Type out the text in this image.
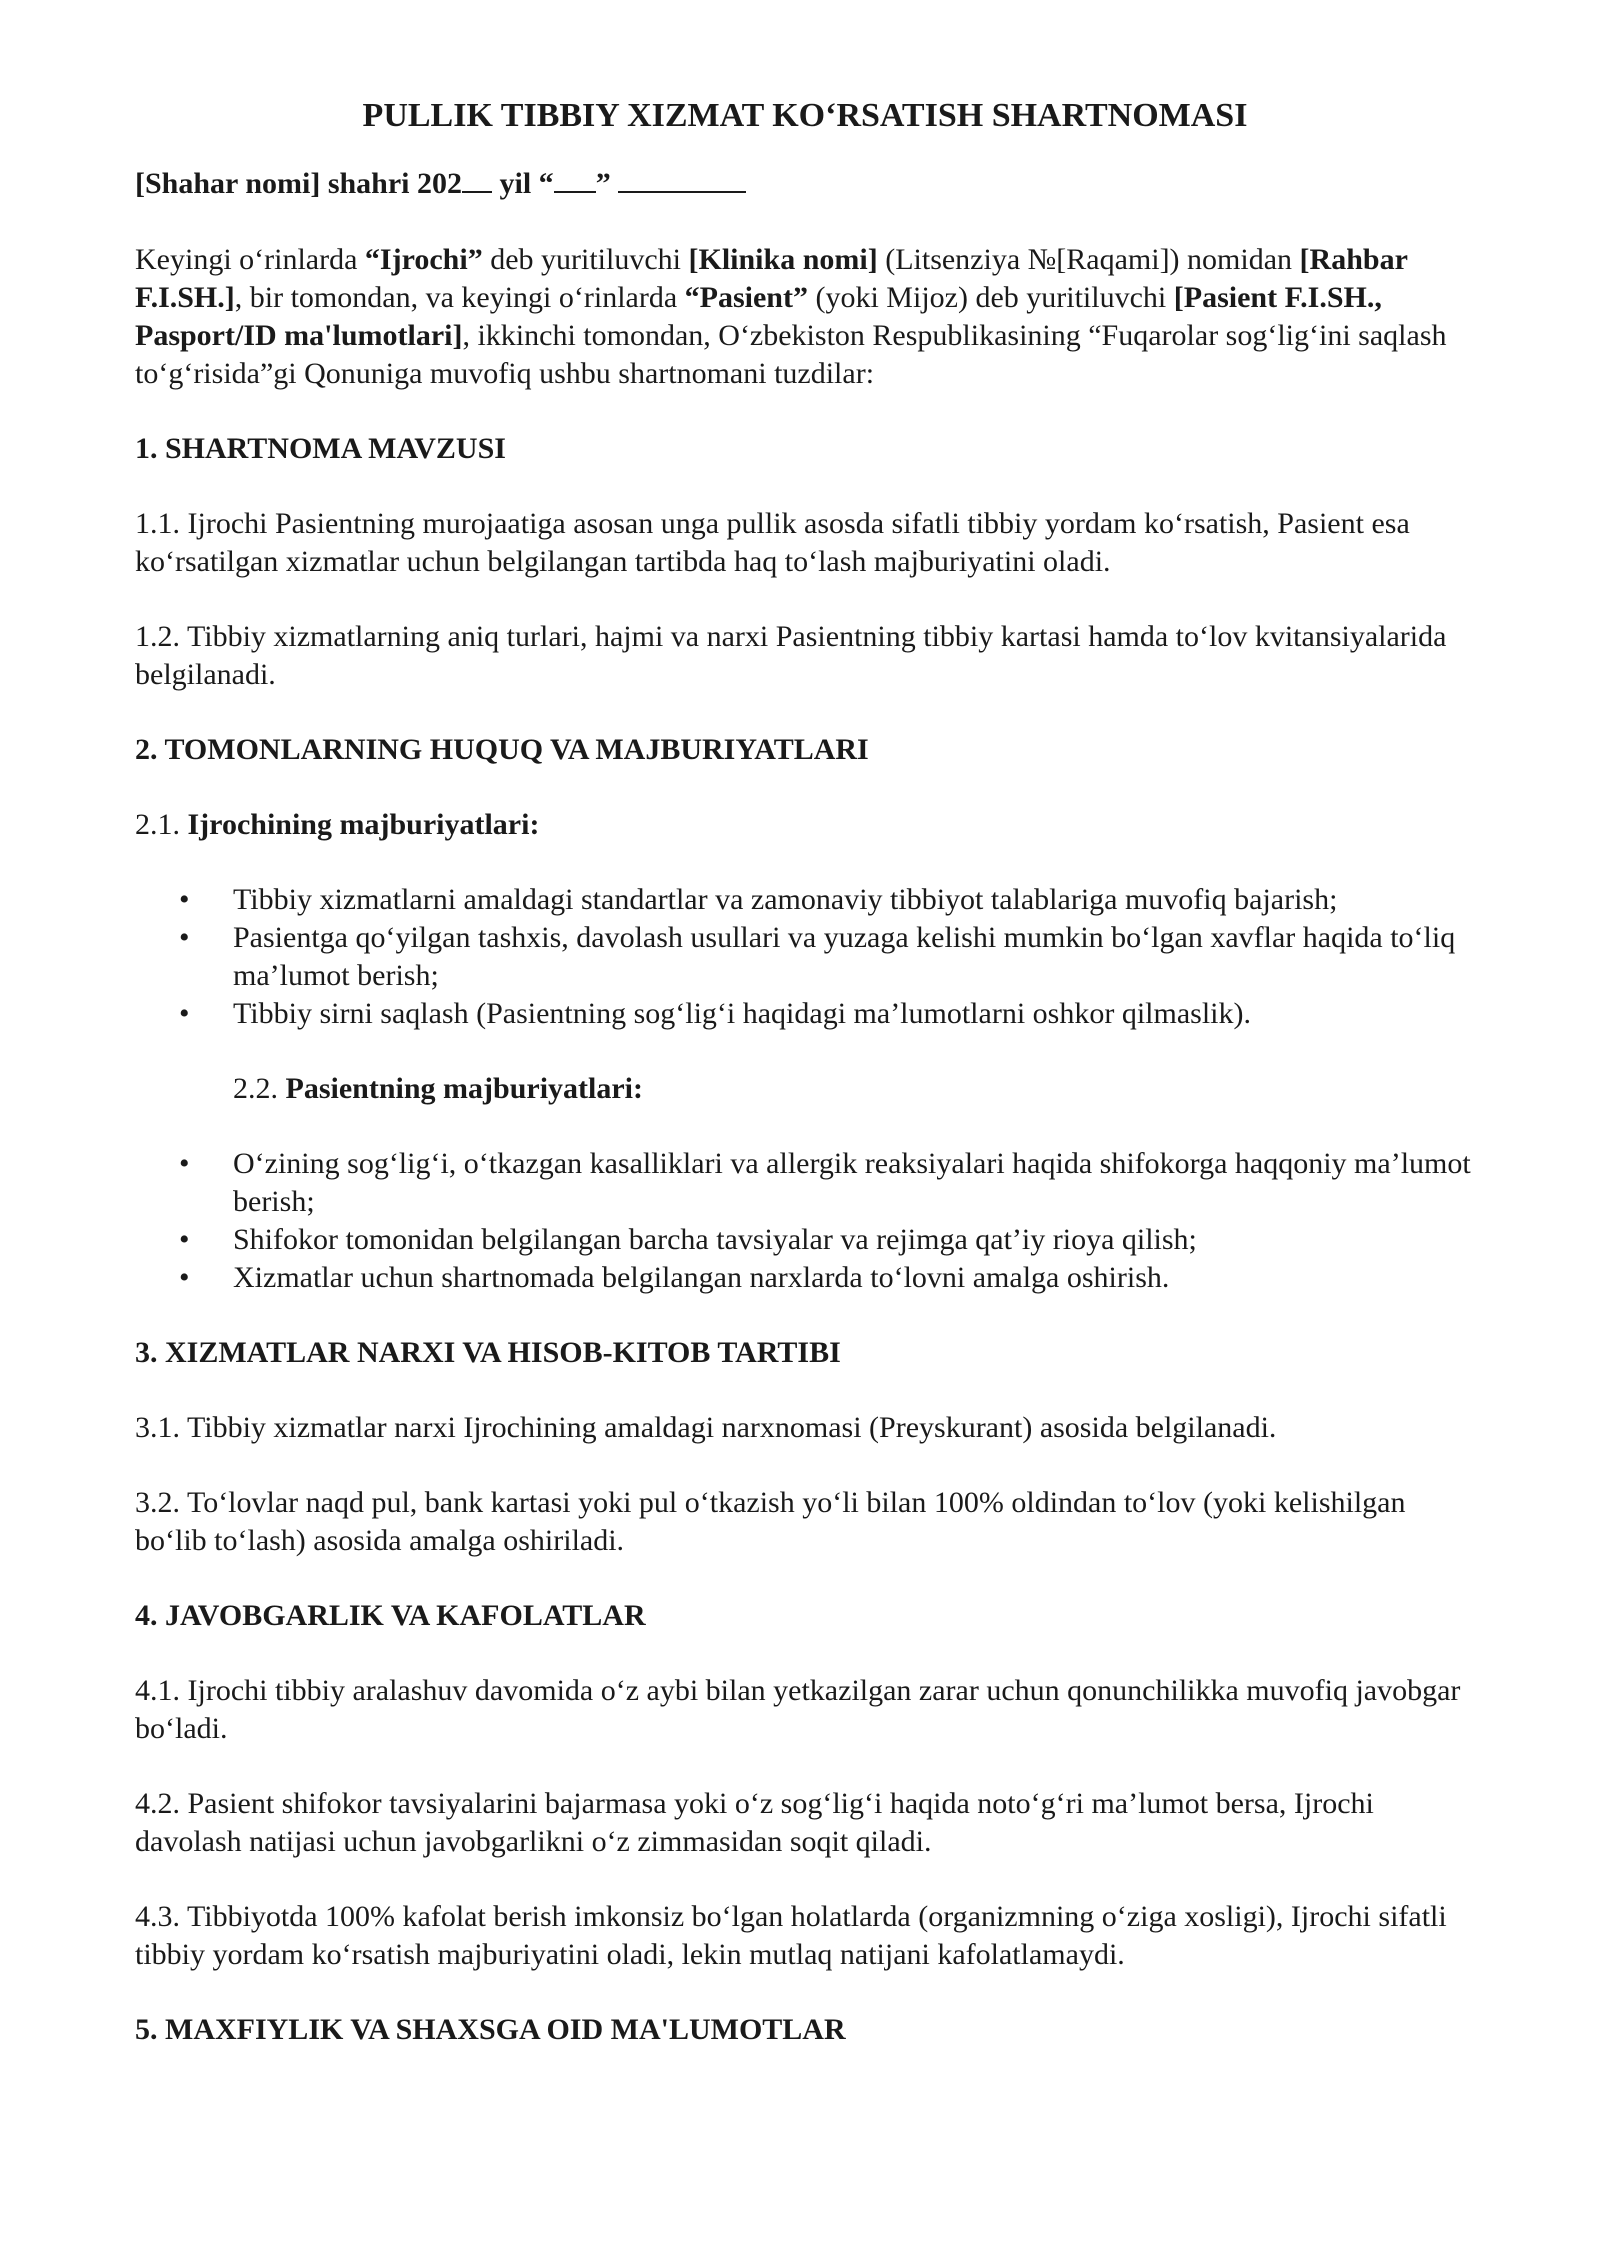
PULLIK TIBBIY XIZMAT KO‘RSATISH SHARTNOMASI

[Shahar nomi] shahri 202 yil “ ”

Keyingi o‘rinlarda “Ijrochi” deb yuritiluvchi [Klinika nomi] (Litsenziya №[Raqami]) nomidan [Rahbar F.I.SH.], bir tomondan, va keyingi o‘rinlarda “Pasient” (yoki Mijoz) deb yuritiluvchi [Pasient F.I.SH., Pasport/ID ma'lumotlari], ikkinchi tomondan, O‘zbekiston Respublikasining “Fuqarolar sog‘lig‘ini saqlash to‘g‘risida”gi Qonuniga muvofiq ushbu shartnomani tuzdilar:

1. SHARTNOMA MAVZUSI

1.1. Ijrochi Pasientning murojaatiga asosan unga pullik asosda sifatli tibbiy yordam ko‘rsatish, Pasient esa ko‘rsatilgan xizmatlar uchun belgilangan tartibda haq to‘lash majburiyatini oladi.

1.2. Tibbiy xizmatlarning aniq turlari, hajmi va narxi Pasientning tibbiy kartasi hamda to‘lov kvitansiyalarida belgilanadi.

2. TOMONLARNING HUQUQ VA MAJBURIYATLARI

2.1. Ijrochining majburiyatlari:

• Tibbiy xizmatlarni amaldagi standartlar va zamonaviy tibbiyot talablariga muvofiq bajarish;
• Pasientga qo‘yilgan tashxis, davolash usullari va yuzaga kelishi mumkin bo‘lgan xavflar haqida to‘liq ma’lumot berish;
• Tibbiy sirni saqlash (Pasientning sog‘lig‘i haqidagi ma’lumotlarni oshkor qilmaslik).

2.2. Pasientning majburiyatlari:

• O‘zining sog‘lig‘i, o‘tkazgan kasalliklari va allergik reaksiyalari haqida shifokorga haqqoniy ma’lumot berish;
• Shifokor tomonidan belgilangan barcha tavsiyalar va rejimga qat’iy rioya qilish;
• Xizmatlar uchun shartnomada belgilangan narxlarda to‘lovni amalga oshirish.

3. XIZMATLAR NARXI VA HISOB-KITOB TARTIBI

3.1. Tibbiy xizmatlar narxi Ijrochining amaldagi narxnomasi (Preyskurant) asosida belgilanadi.

3.2. To‘lovlar naqd pul, bank kartasi yoki pul o‘tkazish yo‘li bilan 100% oldindan to‘lov (yoki kelishilgan bo‘lib to‘lash) asosida amalga oshiriladi.

4. JAVOBGARLIK VA KAFOLATLAR

4.1. Ijrochi tibbiy aralashuv davomida o‘z aybi bilan yetkazilgan zarar uchun qonunchilikka muvofiq javobgar bo‘ladi.

4.2. Pasient shifokor tavsiyalarini bajarmasa yoki o‘z sog‘lig‘i haqida noto‘g‘ri ma’lumot bersa, Ijrochi davolash natijasi uchun javobgarlikni o‘z zimmasidan soqit qiladi.

4.3. Tibbiyotda 100% kafolat berish imkonsiz bo‘lgan holatlarda (organizmning o‘ziga xosligi), Ijrochi sifatli tibbiy yordam ko‘rsatish majburiyatini oladi, lekin mutlaq natijani kafolatlamaydi.

5. MAXFIYLIK VA SHAXSGA OID MA'LUMOTLAR
